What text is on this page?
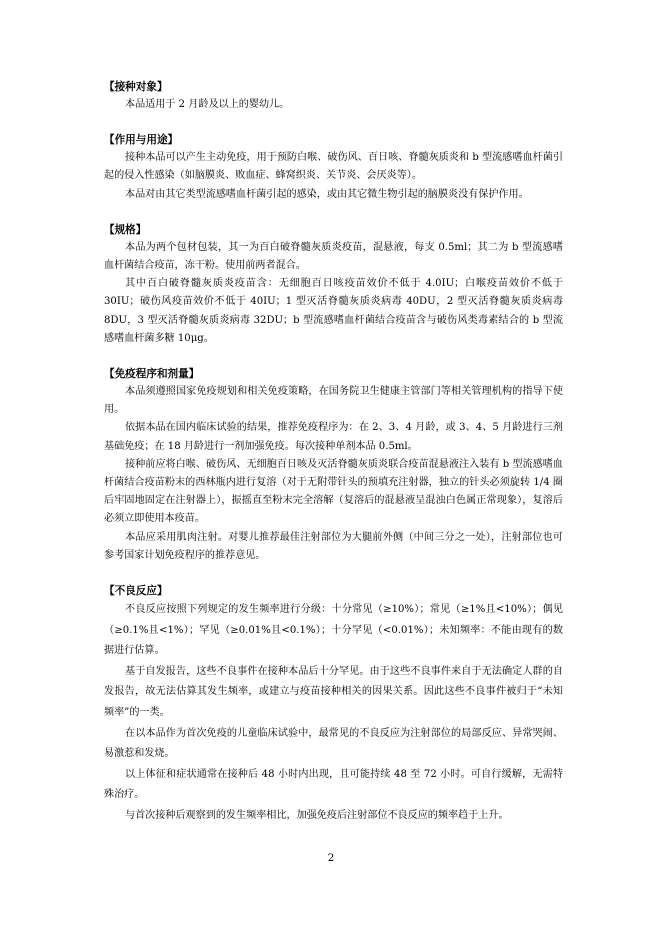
【接种对象】

本品适用于 2 月龄及以上的婴幼儿。

【作用与用途】

接种本品可以产生主动免疫，用于预防白喉、破伤风、百日咳、脊髓灰质炎和 b 型流感嗜血杆菌引起的侵入性感染（如脑膜炎、败血症、蜂窝织炎、关节炎、会厌炎等）。

本品对由其它类型流感嗜血杆菌引起的感染，或由其它微生物引起的脑膜炎没有保护作用。

【规格】

本品为两个包材包装，其一为百白破脊髓灰质炎疫苗，混悬液，每支 0.5ml；其二为 b 型流感嗜血杆菌结合疫苗，冻干粉。使用前两者混合。

其中百白破脊髓灰质炎疫苗含：无细胞百日咳疫苗效价不低于 4.0IU；白喉疫苗效价不低于 30IU；破伤风疫苗效价不低于 40IU；1 型灭活脊髓灰质炎病毒 40DU，2 型灭活脊髓灰质炎病毒 8DU，3 型灭活脊髓灰质炎病毒 32DU；b 型流感嗜血杆菌结合疫苗含与破伤风类毒素结合的 b 型流感嗜血杆菌多糖 10μg。

【免疫程序和剂量】

本品须遵照国家免疫规划和相关免疫策略，在国务院卫生健康主管部门等相关管理机构的指导下使用。

依据本品在国内临床试验的结果，推荐免疫程序为：在 2、3、4 月龄，或 3、4、5 月龄进行三剂基础免疫；在 18 月龄进行一剂加强免疫。每次接种单剂本品 0.5ml。

接种前应将白喉、破伤风、无细胞百日咳及灭活脊髓灰质炎联合疫苗混悬液注入装有 b 型流感嗜血杆菌结合疫苗粉末的西林瓶内进行复溶（对于无附带针头的预填充注射器，独立的针头必须旋转 1/4 圈后牢固地固定在注射器上），振摇直至粉末完全溶解（复溶后的混悬液呈混浊白色属正常现象），复溶后必须立即使用本疫苗。

本品应采用肌肉注射。对婴儿推荐最佳注射部位为大腿前外侧（中间三分之一处），注射部位也可参考国家计划免疫程序的推荐意见。

【不良反应】

不良反应按照下列规定的发生频率进行分级：十分常见（≥10%）；常见（≥1%且<10%）；偶见（≥0.1%且<1%）；罕见（≥0.01%且<0.1%）；十分罕见（<0.01%）；未知频率：不能由现有的数据进行估算。

基于自发报告，这些不良事件在接种本品后十分罕见。由于这些不良事件来自于无法确定人群的自发报告，故无法估算其发生频率，或建立与疫苗接种相关的因果关系。因此这些不良事件被归于“未知频率”的一类。

在以本品作为首次免疫的儿童临床试验中，最常见的不良反应为注射部位的局部反应、异常哭闹、易激惹和发烧。

以上体征和症状通常在接种后 48 小时内出现，且可能持续 48 至 72 小时。可自行缓解，无需特殊治疗。

与首次接种后观察到的发生频率相比，加强免疫后注射部位不良反应的频率趋于上升。

2
